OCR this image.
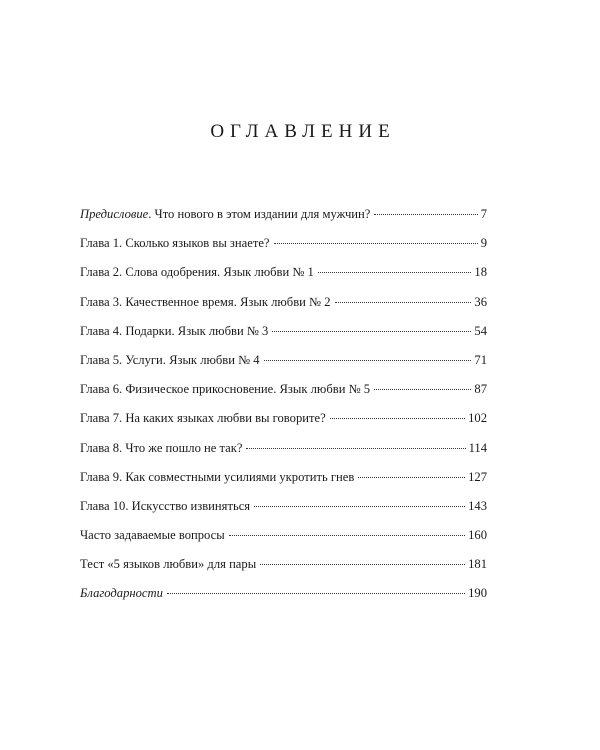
ОГЛАВЛЕНИЕ
Предисловие . Что нового в этом издании для мужчин?	7
Глава 1. Сколько языков вы знаете?	9
Глава 2. Слова одобрения. Язык любви № 1	18
Глава 3. Качественное время. Язык любви № 2	36
Глава 4. Подарки. Язык любви № 3	54
Глава 5. Услуги. Язык любви № 4	71
Глава 6. Физическое прикосновение. Язык любви № 5	87
Глава 7. На каких языках любви вы говорите?	102
Глава 8. Что же пошло не так?	114
Глава 9. Как совместными усилиями укротить гнев	127
Глава 10. Искусство извиняться	143
Часто задаваемые вопросы	160
Тест «5 языков любви» для пары	181
Благодарности	190
